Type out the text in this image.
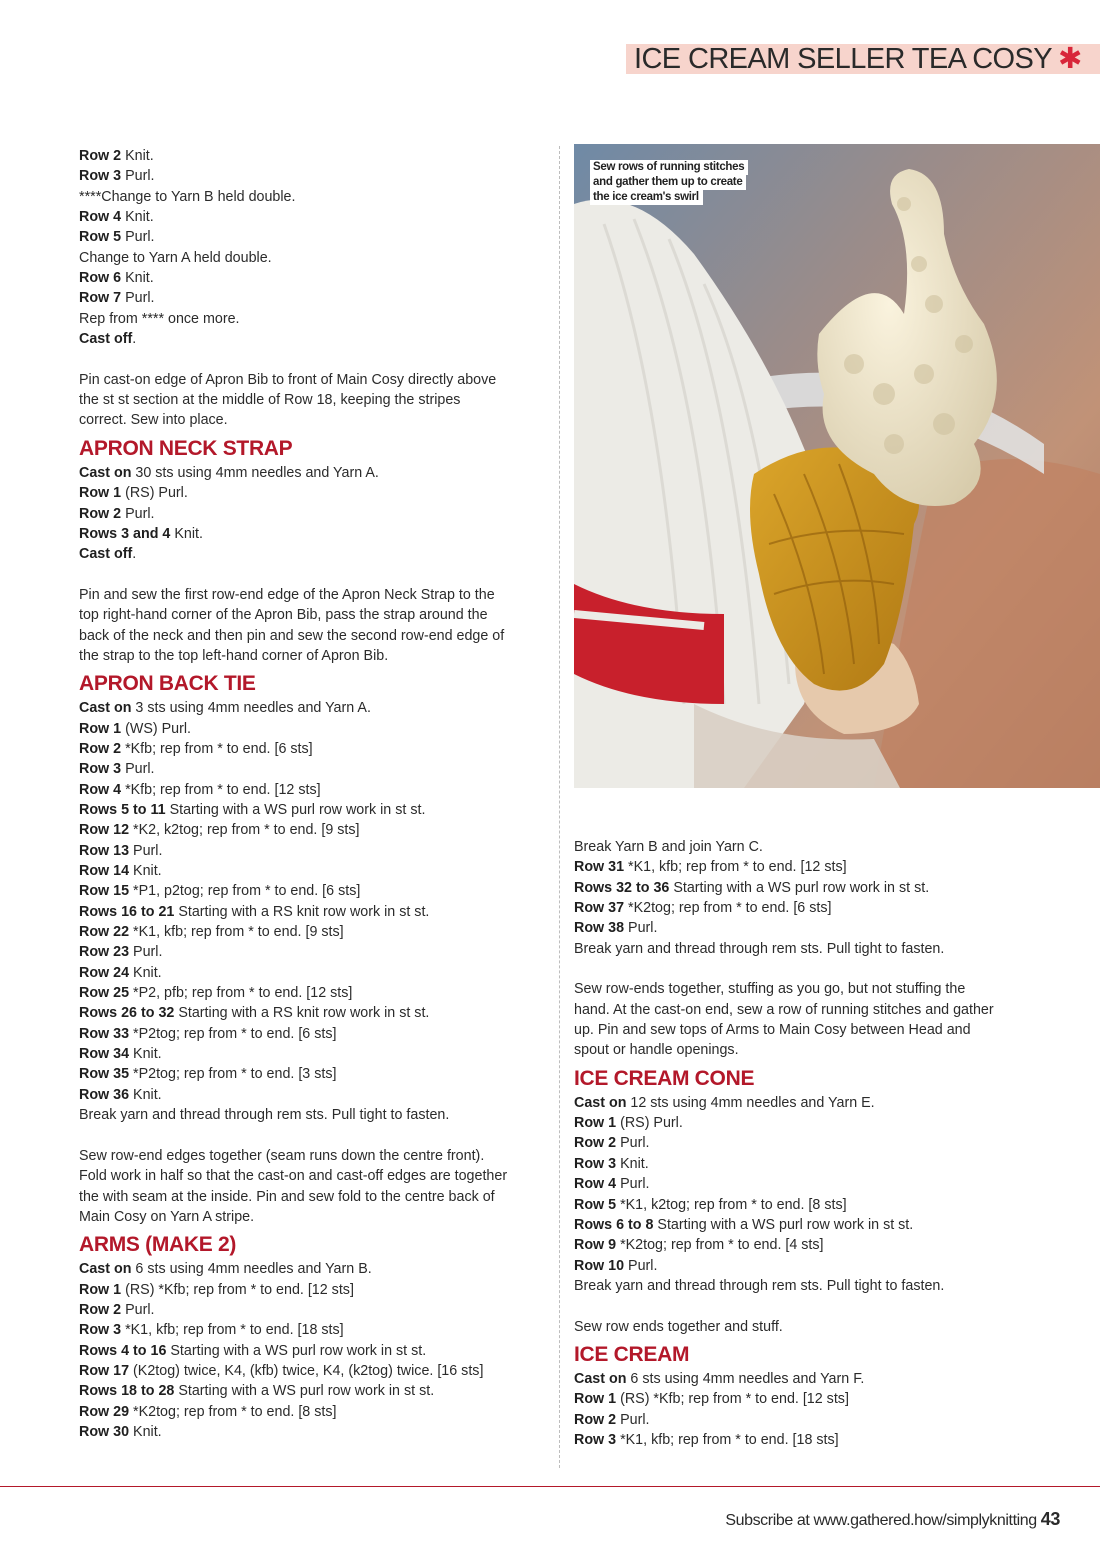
ICE CREAM SELLER TEA COSY ✱
Row 2 Knit.
Row 3 Purl.
****Change to Yarn B held double.
Row 4 Knit.
Row 5 Purl.
Change to Yarn A held double.
Row 6 Knit.
Row 7 Purl.
Rep from **** once more.
Cast off.
Pin cast-on edge of Apron Bib to front of Main Cosy directly above
the st st section at the middle of Row 18, keeping the stripes
correct. Sew into place.
APRON NECK STRAP
Cast on 30 sts using 4mm needles and Yarn A.
Row 1 (RS) Purl.
Row 2 Purl.
Rows 3 and 4 Knit.
Cast off.
Pin and sew the first row-end edge of the Apron Neck Strap to the
top right-hand corner of the Apron Bib, pass the strap around the
back of the neck and then pin and sew the second row-end edge of
the strap to the top left-hand corner of Apron Bib.
APRON BACK TIE
Cast on 3 sts using 4mm needles and Yarn A.
Row 1 (WS) Purl.
Row 2 *Kfb; rep from * to end. [6 sts]
Row 3 Purl.
Row 4 *Kfb; rep from * to end. [12 sts]
Rows 5 to 11 Starting with a WS purl row work in st st.
Row 12 *K2, k2tog; rep from * to end. [9 sts]
Row 13 Purl.
Row 14 Knit.
Row 15 *P1, p2tog; rep from * to end. [6 sts]
Rows 16 to 21 Starting with a RS knit row work in st st.
Row 22 *K1, kfb; rep from * to end. [9 sts]
Row 23 Purl.
Row 24 Knit.
Row 25 *P2, pfb; rep from * to end. [12 sts]
Rows 26 to 32 Starting with a RS knit row work in st st.
Row 33 *P2tog; rep from * to end. [6 sts]
Row 34 Knit.
Row 35 *P2tog; rep from * to end. [3 sts]
Row 36 Knit.
Break yarn and thread through rem sts. Pull tight to fasten.
Sew row-end edges together (seam runs down the centre front).
Fold work in half so that the cast-on and cast-off edges are together
the with seam at the inside. Pin and sew fold to the centre back of
Main Cosy on Yarn A stripe.
ARMS (MAKE 2)
Cast on 6 sts using 4mm needles and Yarn B.
Row 1 (RS) *Kfb; rep from * to end. [12 sts]
Row 2 Purl.
Row 3 *K1, kfb; rep from * to end. [18 sts]
Rows 4 to 16 Starting with a WS purl row work in st st.
Row 17 (K2tog) twice, K4, (kfb) twice, K4, (k2tog) twice. [16 sts]
Rows 18 to 28 Starting with a WS purl row work in st st.
Row 29 *K2tog; rep from * to end. [8 sts]
Row 30 Knit.
Sew rows of running stitches
and gather them up to create
the ice cream's swirl
Break Yarn B and join Yarn C.
Row 31 *K1, kfb; rep from * to end. [12 sts]
Rows 32 to 36 Starting with a WS purl row work in st st.
Row 37 *K2tog; rep from * to end. [6 sts]
Row 38 Purl.
Break yarn and thread through rem sts. Pull tight to fasten.
Sew row-ends together, stuffing as you go, but not stuffing the
hand. At the cast-on end, sew a row of running stitches and gather
up. Pin and sew tops of Arms to Main Cosy between Head and
spout or handle openings.
ICE CREAM CONE
Cast on 12 sts using 4mm needles and Yarn E.
Row 1 (RS) Purl.
Row 2 Purl.
Row 3 Knit.
Row 4 Purl.
Row 5 *K1, k2tog; rep from * to end. [8 sts]
Rows 6 to 8 Starting with a WS purl row work in st st.
Row 9 *K2tog; rep from * to end. [4 sts]
Row 10 Purl.
Break yarn and thread through rem sts. Pull tight to fasten.
Sew row ends together and stuff.
ICE CREAM
Cast on 6 sts using 4mm needles and Yarn F.
Row 1 (RS) *Kfb; rep from * to end. [12 sts]
Row 2 Purl.
Row 3 *K1, kfb; rep from * to end. [18 sts]
Subscribe at www.gathered.how/simplyknitting 43
